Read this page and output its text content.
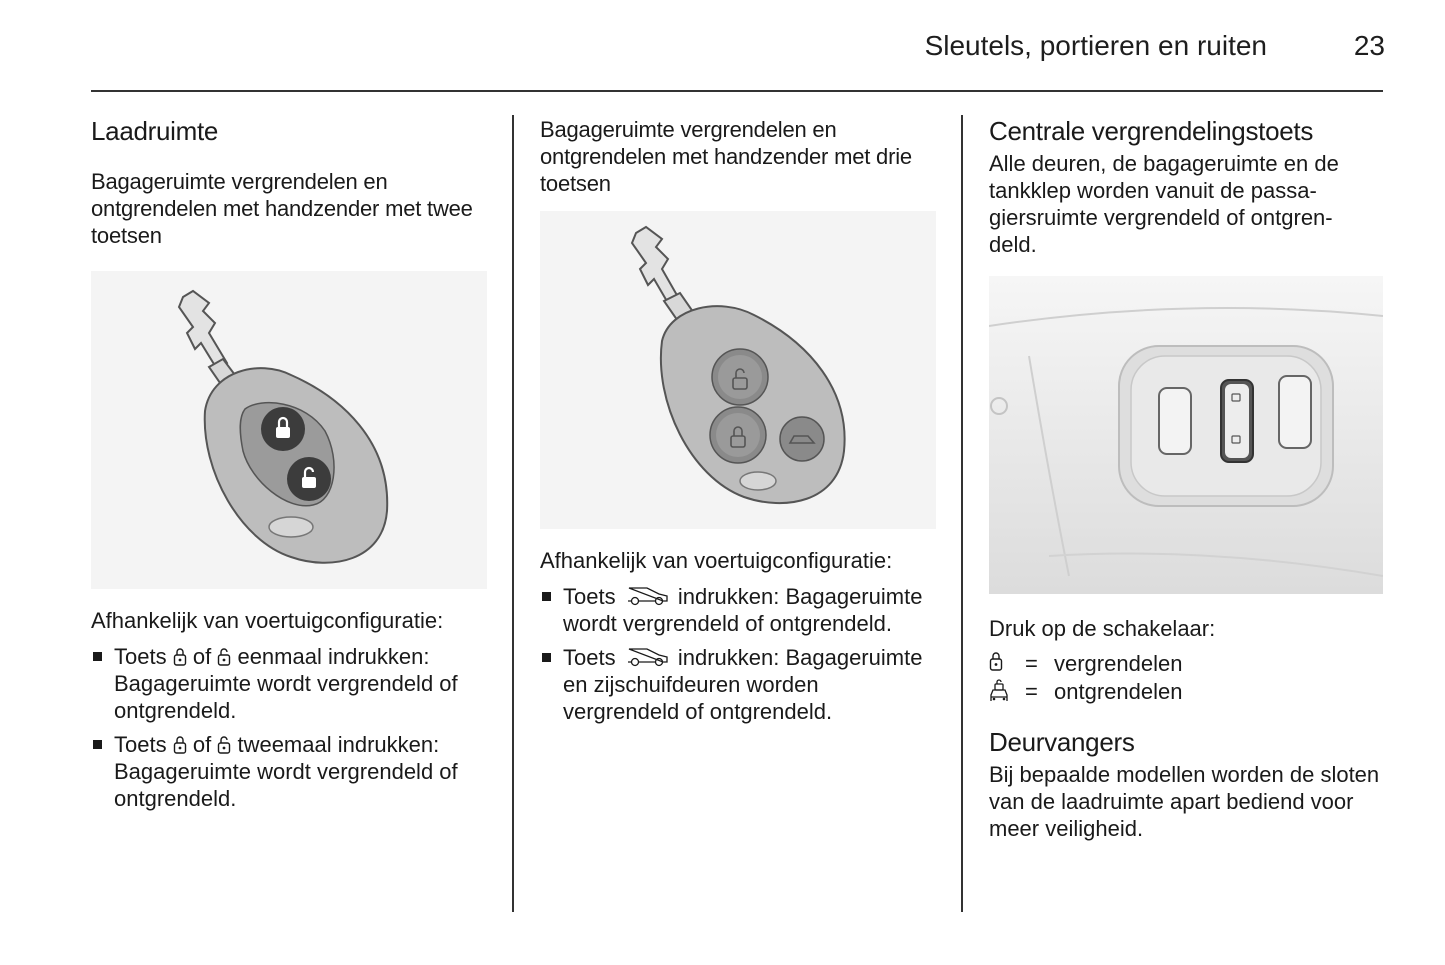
Sleutels, portieren en ruiten	23
Laadruimte
Bagageruimte vergrendelen en ontgrendelen met handzender met twee toetsen

Afhankelijk van voertuigconfiguratie:

Toets of eenmaal indrukken: Bagageruimte wordt vergrendeld of ontgrendeld.
Toets of tweemaal indrukken: Bagageruimte wordt vergrendeld of ontgrendeld.
Bagageruimte vergrendelen en ontgrendelen met handzender met drie toetsen

Afhankelijk van voertuigconfiguratie:

Toets	indrukken: Bagageruimte wordt vergrendeld of ontgrendeld.
Toets	indrukken: Bagageruimte en zijschuifdeuren worden vergrendeld of ontgrendeld.
Centrale vergrendelingstoets

Alle deuren, de bagageruimte en de tankklep worden vanuit de passagiersruimte vergrendeld of ontgrendeld.

Druk op de schakelaar:

= vergrendelen
= ontgrendelen
Deurvangers

Bij bepaalde modellen worden de sloten van de laadruimte apart bediend voor meer veiligheid.
